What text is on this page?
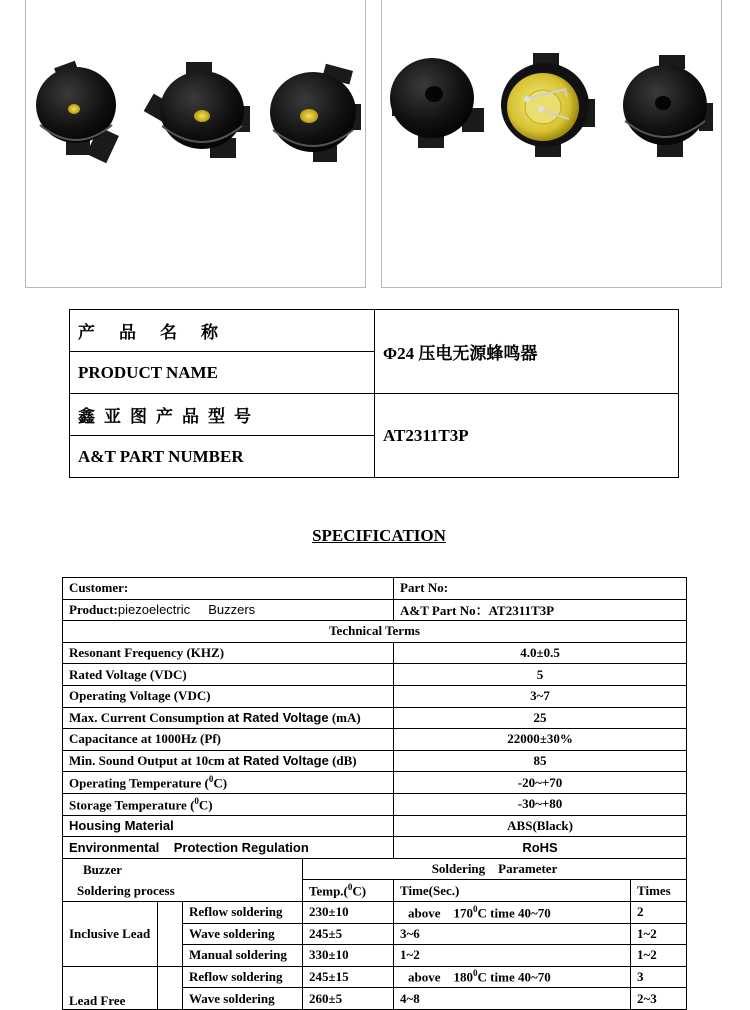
产品名称	Φ24 压电无源蜂鸣器
PRODUCT NAME	
鑫亚图产品型号	AT2311T3P
A&T PART NUMBER	
SPECIFICATION
Customer:				Part No:	
Product:piezoelectric     Buzzers				A&T Part No：AT2311T3P	
Technical Terms					
Resonant Frequency (KHZ)				4.0±0.5	
Rated Voltage (VDC)				5	
Operating Voltage (VDC)				3~7	
Max. Current Consumption at Rated Voltage (mA)				25	
Capacitance at 1000Hz (Pf)				22000±30%	
Min. Sound Output at 10cm at Rated Voltage (dB)				85	
Operating Temperature ($^0$C)				-20~+70	
Storage Temperature ($^0$C)				-30~+80	
Housing Material				ABS(Black)	
Environmental    Protection Regulation				RoHS	

Buzzer
Soldering process			Soldering    Parameter		
			Temp.($^0$C)	Time(Sec.)	Times
Inclusive Lead		Reflow soldering	230±10	above    $170^0C$ time 40~70	2
		Wave soldering	245±5	3~6	1~2
		Manual soldering	330±10	1~2	1~2
Lead Free		Reflow soldering	245±15	above    $180^0C$ time 40~70	3
		Wave soldering	260±5	4~8	2~3
